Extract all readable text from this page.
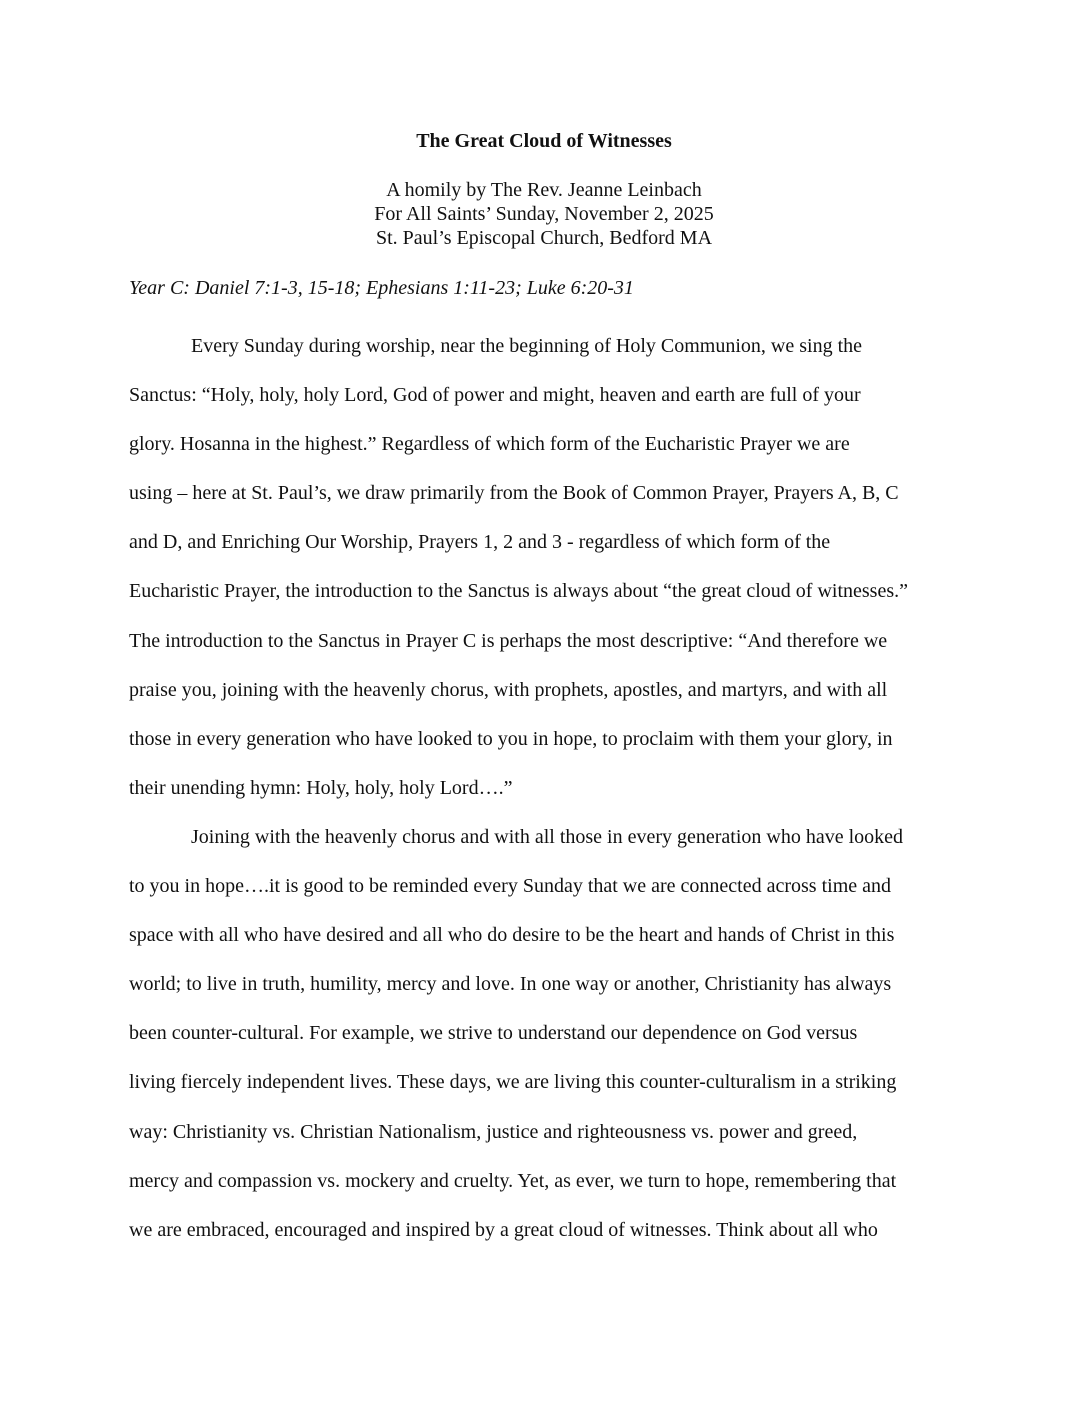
The Great Cloud of Witnesses
A homily by The Rev. Jeanne Leinbach
For All Saints’ Sunday, November 2, 2025
St. Paul’s Episcopal Church, Bedford MA
Year C: Daniel 7:1-3, 15-18; Ephesians 1:11-23; Luke 6:20-31
Every Sunday during worship, near the beginning of Holy Communion, we sing the
Sanctus: “Holy, holy, holy Lord, God of power and might, heaven and earth are full of your
glory. Hosanna in the highest.” Regardless of which form of the Eucharistic Prayer we are
using – here at St. Paul’s, we draw primarily from the Book of Common Prayer, Prayers A, B, C
and D, and Enriching Our Worship, Prayers 1, 2 and 3 - regardless of which form of the
Eucharistic Prayer, the introduction to the Sanctus is always about “the great cloud of witnesses.”
The introduction to the Sanctus in Prayer C is perhaps the most descriptive: “And therefore we
praise you, joining with the heavenly chorus, with prophets, apostles, and martyrs, and with all
those in every generation who have looked to you in hope, to proclaim with them your glory, in
their unending hymn: Holy, holy, holy Lord….”
Joining with the heavenly chorus and with all those in every generation who have looked
to you in hope….it is good to be reminded every Sunday that we are connected across time and
space with all who have desired and all who do desire to be the heart and hands of Christ in this
world; to live in truth, humility, mercy and love. In one way or another, Christianity has always
been counter-cultural. For example, we strive to understand our dependence on God versus
living fiercely independent lives. These days, we are living this counter-culturalism in a striking
way: Christianity vs. Christian Nationalism, justice and righteousness vs. power and greed,
mercy and compassion vs. mockery and cruelty. Yet, as ever, we turn to hope, remembering that
we are embraced, encouraged and inspired by a great cloud of witnesses. Think about all who
